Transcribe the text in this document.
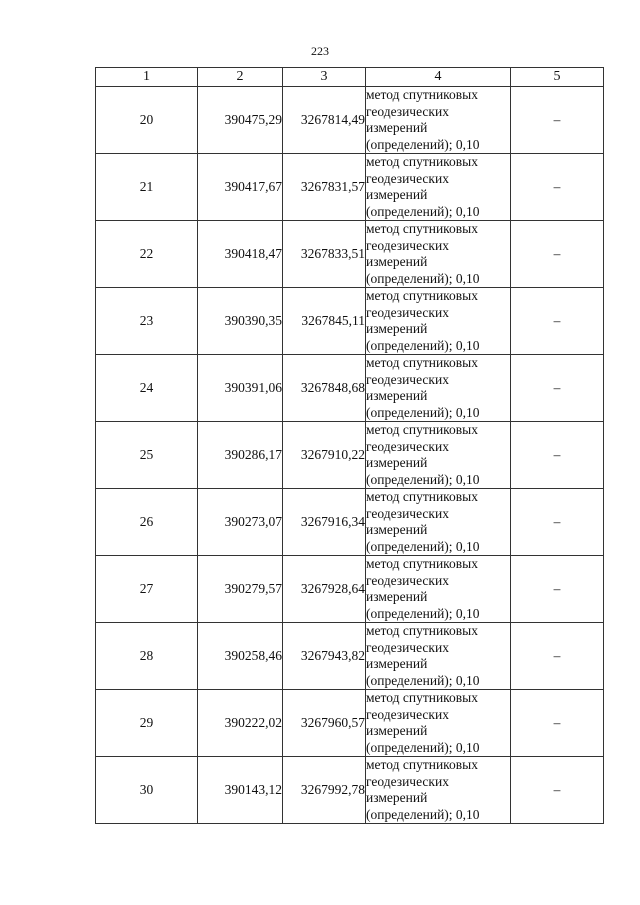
223
1	2	3	4	5
20	390475,29	3267814,49	метод спутниковых
геодезических
измерений
(определений); 0,10	–
21	390417,67	3267831,57	метод спутниковых
геодезических
измерений
(определений); 0,10	–
22	390418,47	3267833,51	метод спутниковых
геодезических
измерений
(определений); 0,10	–
23	390390,35	3267845,11	метод спутниковых
геодезических
измерений
(определений); 0,10	–
24	390391,06	3267848,68	метод спутниковых
геодезических
измерений
(определений); 0,10	–
25	390286,17	3267910,22	метод спутниковых
геодезических
измерений
(определений); 0,10	–
26	390273,07	3267916,34	метод спутниковых
геодезических
измерений
(определений); 0,10	–
27	390279,57	3267928,64	метод спутниковых
геодезических
измерений
(определений); 0,10	–
28	390258,46	3267943,82	метод спутниковых
геодезических
измерений
(определений); 0,10	–
29	390222,02	3267960,57	метод спутниковых
геодезических
измерений
(определений); 0,10	–
30	390143,12	3267992,78	метод спутниковых
геодезических
измерений
(определений); 0,10	–
